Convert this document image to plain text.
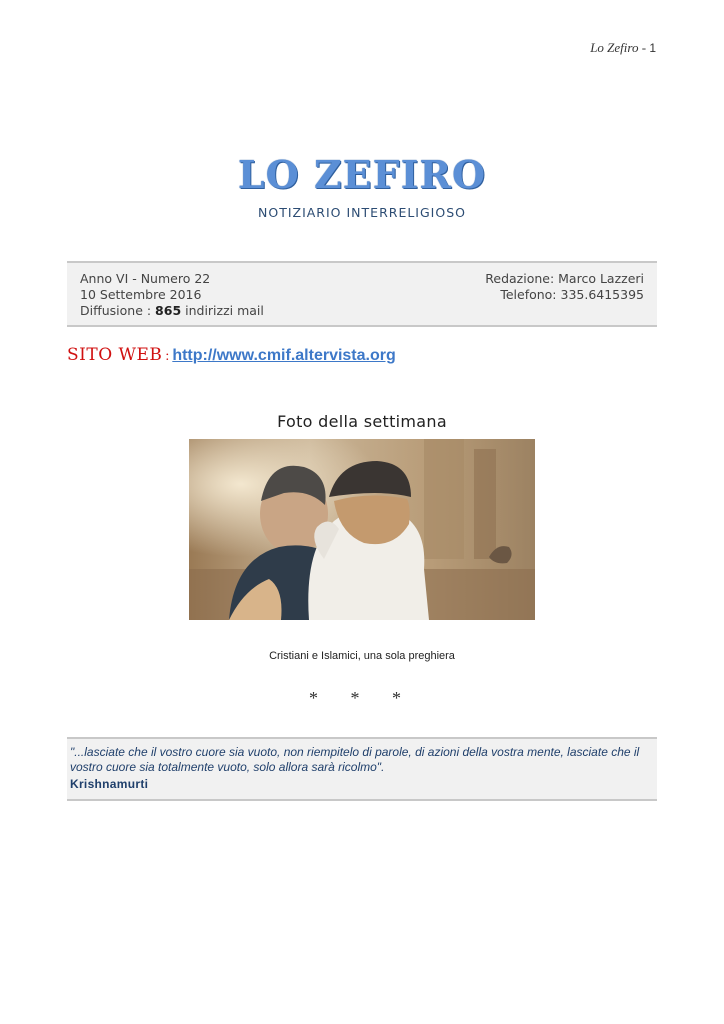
Lo Zefiro - 1
LO ZEFIRO
NOTIZIARIO INTERRELIGIOSO
Anno VI - Numero 22
10 Settembre 2016
Diffusione : 865 indirizzi mail
Redazione: Marco Lazzeri
Telefono: 335.6415395
SITO WEB : http://www.cmif.altervista.org
Foto della settimana
Cristiani e Islamici, una sola preghiera
* * *
"...lasciate che il vostro cuore sia vuoto, non riempitelo di parole, di azioni della vostra mente, lasciate che il vostro cuore sia totalmente vuoto, solo allora sarà ricolmo".
Krishnamurti
